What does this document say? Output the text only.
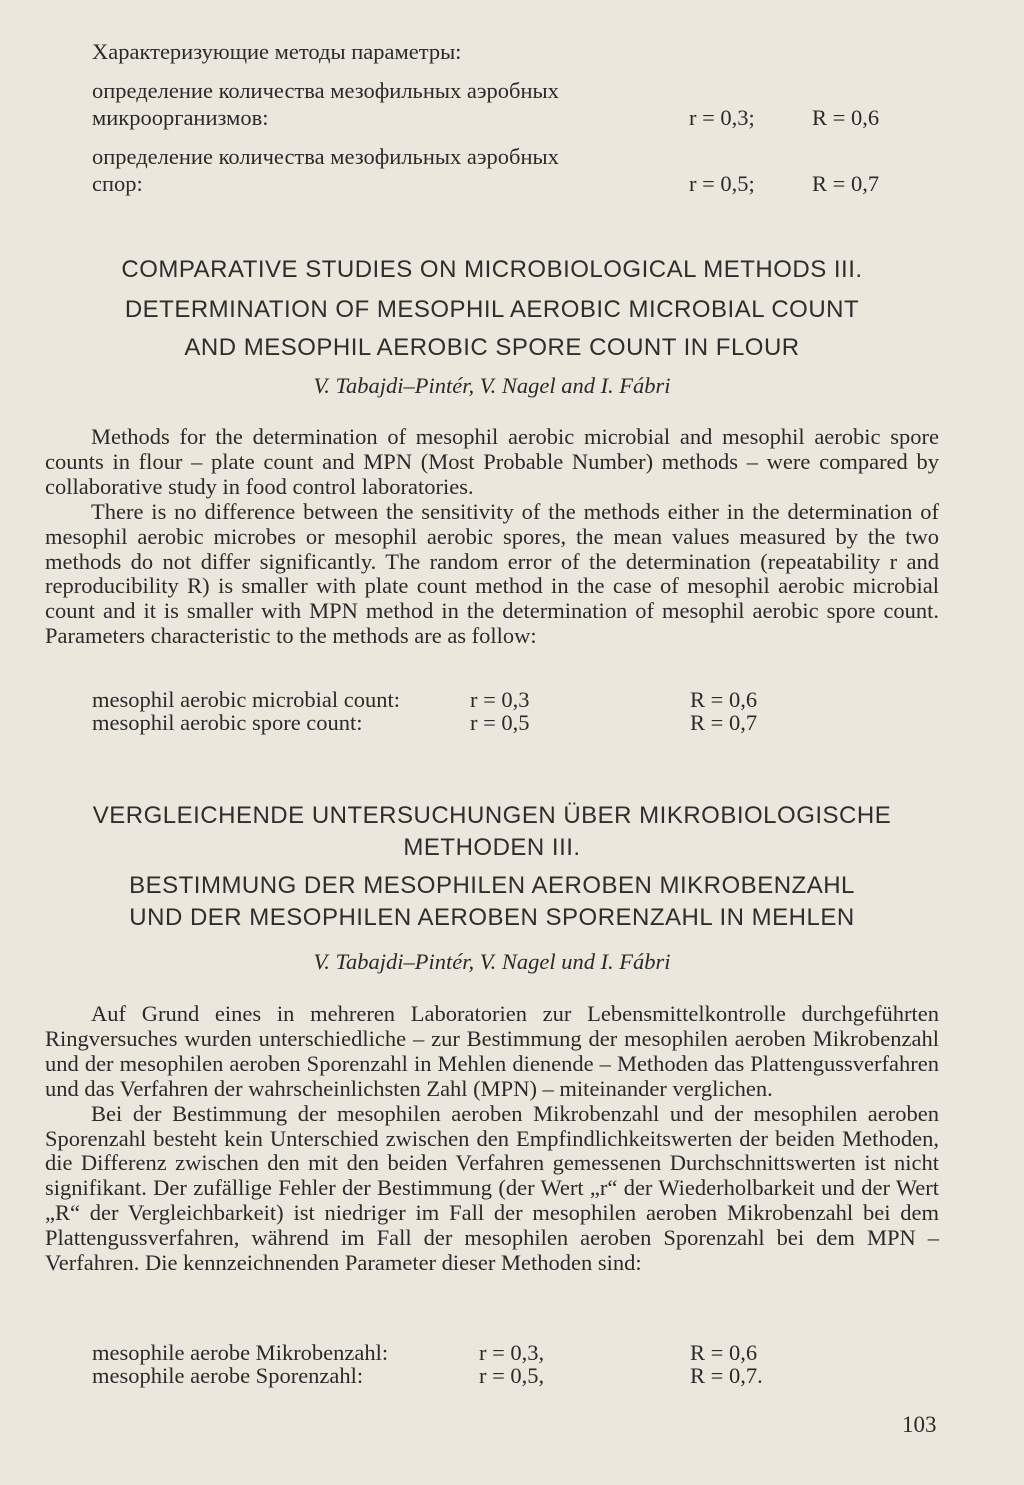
Характеризующие методы параметры:

определение количества мезофильных аэробных

микроорганизмов:	r = 0,3;	R = 0,6

определение количества мезофильных аэробных

спор:	r = 0,5;	R = 0,7

COMPARATIVE STUDIES ON MICROBIOLOGICAL METHODS III.
DETERMINATION OF MESOPHIL AEROBIC MICROBIAL COUNT
AND MESOPHIL AEROBIC SPORE COUNT IN FLOUR
V. Tabajdi–Pintér, V. Nagel and I. Fábri

Methods for the determination of mesophil aerobic microbial and mesophil aerobic spore counts in flour – plate count and MPN (Most Probable Number) methods – were compared by collaborative study in food control laboratories.

There is no difference between the sensitivity of the methods either in the determination of mesophil aerobic microbes or mesophil aerobic spores, the mean values measured by the two methods do not differ significantly. The random error of the determination (repeatability r and reproducibility R) is smaller with plate count method in the case of mesophil aerobic microbial count and it is smaller with MPN method in the determination of mesophil aerobic spore count. Parameters characteristic to the methods are as follow:

mesophil aerobic microbial count:	r = 0,3	R = 0,6
mesophil aerobic spore count:	r = 0,5	R = 0,7
VERGLEICHENDE UNTERSUCHUNGEN ÜBER MIKROBIOLOGISCHE
METHODEN III.
BESTIMMUNG DER MESOPHILEN AEROBEN MIKROBENZAHL
UND DER MESOPHILEN AEROBEN SPORENZAHL IN MEHLEN
V. Tabajdi–Pintér, V. Nagel und I. Fábri

Auf Grund eines in mehreren Laboratorien zur Lebensmittelkontrolle durchgeführten Ringversuches wurden unterschiedliche – zur Bestimmung der mesophilen aeroben Mikrobenzahl und der mesophilen aeroben Sporenzahl in Mehlen dienende – Methoden das Plattengussverfahren und das Verfahren der wahrscheinlichsten Zahl (MPN) – miteinander verglichen.

Bei der Bestimmung der mesophilen aeroben Mikrobenzahl und der mesophilen aeroben Sporenzahl besteht kein Unterschied zwischen den Empfindlichkeitswerten der beiden Methoden, die Differenz zwischen den mit den beiden Verfahren gemessenen Durchschnittswerten ist nicht signifikant. Der zufällige Fehler der Bestimmung (der Wert „r“ der Wiederholbarkeit und der Wert „R“ der Vergleichbarkeit) ist niedriger im Fall der mesophilen aeroben Mikrobenzahl bei dem Plattengussverfahren, während im Fall der mesophilen aeroben Sporenzahl bei dem MPN – Verfahren. Die kennzeichnenden Parameter dieser Methoden sind:

mesophile aerobe Mikrobenzahl:	r = 0,3,	R = 0,6
mesophile aerobe Sporenzahl:	r = 0,5,	R = 0,7.
103
